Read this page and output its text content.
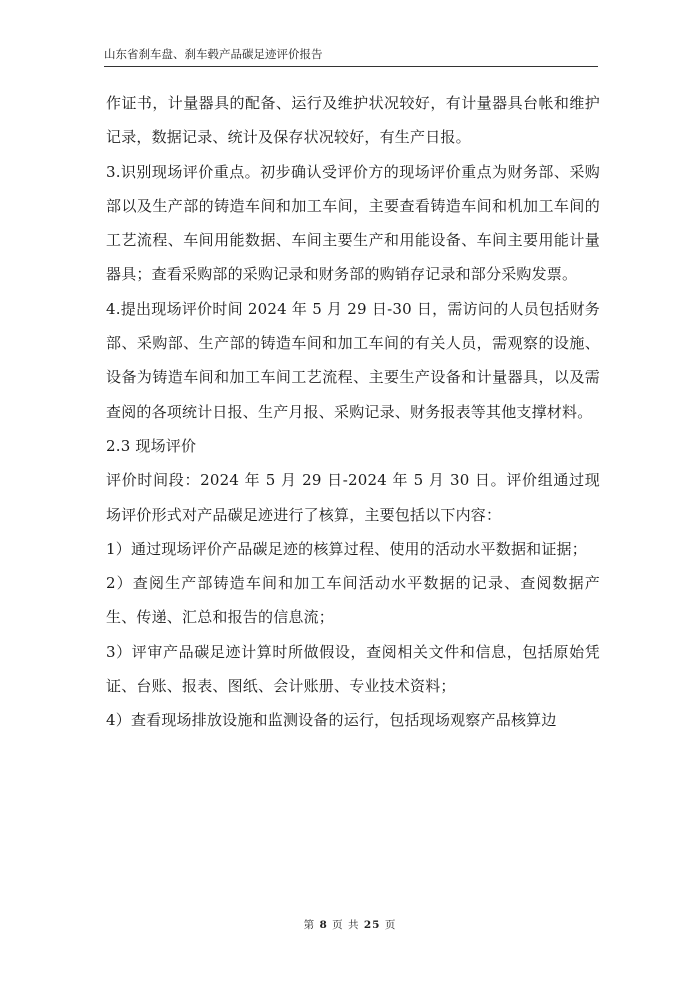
山东省刹车盘、刹车毂产品碳足迹评价报告

作证书，计量器具的配备、运行及维护状况较好，有计量器具台帐和维护记录，数据记录、统计及保存状况较好，有生产日报。

3.识别现场评价重点。初步确认受评价方的现场评价重点为财务部、采购部以及生产部的铸造车间和加工车间，主要查看铸造车间和机加工车间的工艺流程、车间用能数据、车间主要生产和用能设备、车间主要用能计量器具；查看采购部的采购记录和财务部的购销存记录和部分采购发票。

4.提出现场评价时间 2024 年 5 月 29 日-30 日，需访问的人员包括财务部、采购部、生产部的铸造车间和加工车间的有关人员，需观察的设施、设备为铸造车间和加工车间工艺流程、主要生产设备和计量器具，以及需查阅的各项统计日报、生产月报、采购记录、财务报表等其他支撑材料。

2.3 现场评价

评价时间段：2024 年 5 月 29 日-2024 年 5 月 30 日。评价组通过现场评价形式对产品碳足迹进行了核算，主要包括以下内容：

1）通过现场评价产品碳足迹的核算过程、使用的活动水平数据和证据；

2）查阅生产部铸造车间和加工车间活动水平数据的记录、查阅数据产生、传递、汇总和报告的信息流；

3）评审产品碳足迹计算时所做假设，查阅相关文件和信息，包括原始凭证、台账、报表、图纸、会计账册、专业技术资料；

4）查看现场排放设施和监测设备的运行，包括现场观察产品核算边

第 8 页 共 25 页
